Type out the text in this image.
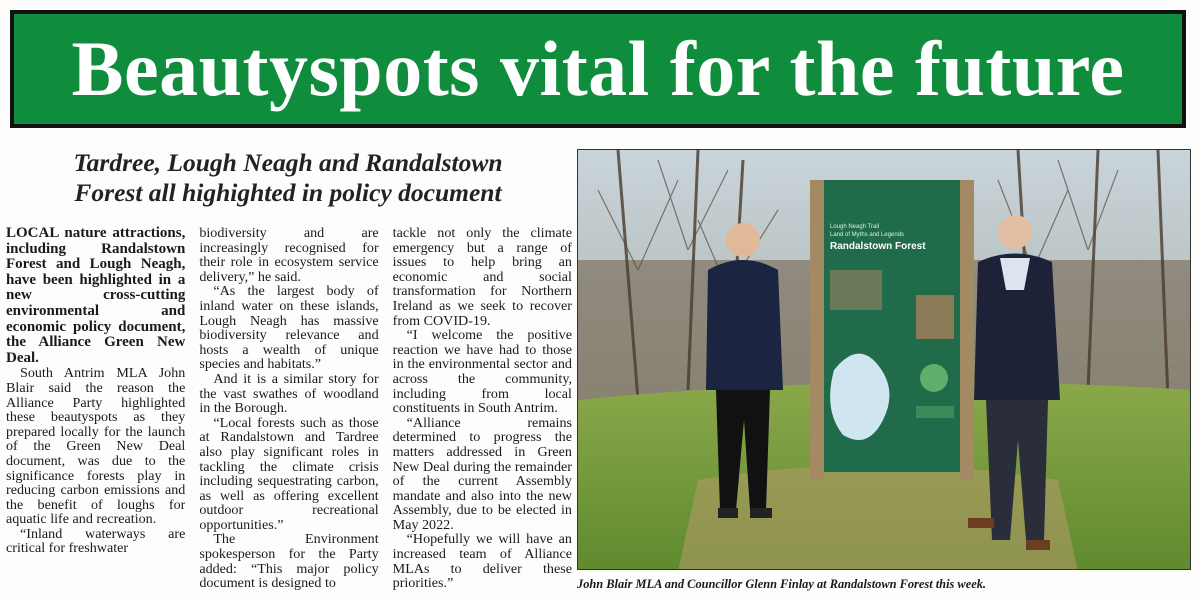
Beautyspots vital for the future
Tardree, Lough Neagh and Randalstown
Forest all highighted in policy document

LOCAL nature attractions, including Randalstown Forest and Lough Neagh, have been highlighted in a new cross-cutting environmental and economic policy document, the Alliance Green New Deal.

South Antrim MLA John Blair said the reason the Alliance Party highlighted these beautyspots as they prepared locally for the launch of the Green New Deal document, was due to the significance forests play in reducing carbon emissions and the benefit of loughs for aquatic life and recreation.

“Inland waterways are critical for freshwater

biodiversity and are increasingly recognised for their role in ecosystem service delivery,” he said.

“As the largest body of inland water on these islands, Lough Neagh has massive biodiversity relevance and hosts a wealth of unique species and habitats.”

And it is a similar story for the vast swathes of woodland in the Borough.

“Local forests such as those at Randalstown and Tardree also play significant roles in tackling the climate crisis including sequestrating carbon, as well as offering excellent outdoor recreational opportunities.”

The Environment spokesperson for the Party added: “This major policy document is designed to

tackle not only the climate emergency but a range of issues to help bring an economic and social transformation for Northern Ireland as we seek to recover from COVID-19.

“I welcome the positive reaction we have had to those in the environmental sector and across the community, including from local constituents in South Antrim.

“Alliance remains determined to progress the matters addressed in Green New Deal during the remainder of the current Assembly mandate and also into the new Assembly, due to be elected in May 2022.

“Hopefully we will have an increased team of Alliance MLAs to deliver these priorities.”

Lough Neagh Trail
Land of Myths and Legends
Randalstown Forest
John Blair MLA and Councillor Glenn Finlay at Randalstown Forest this week.
